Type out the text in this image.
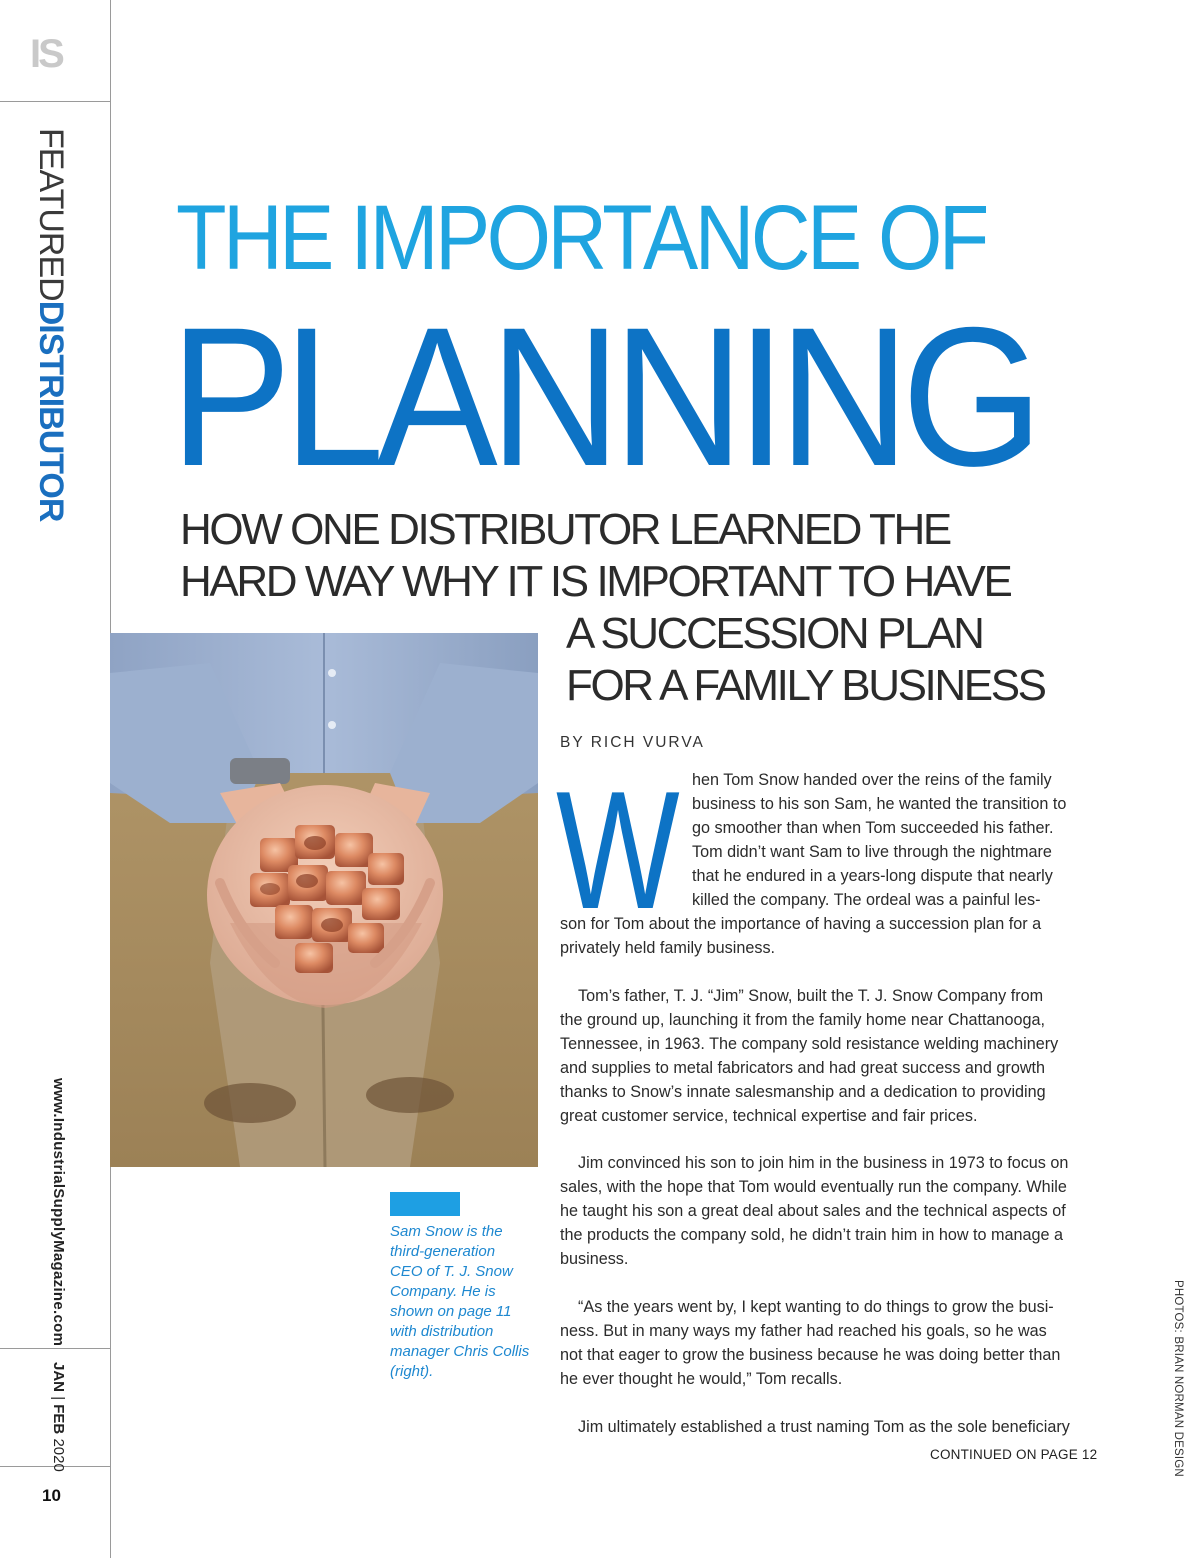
IS
FEATUREDDISTRIBUTOR
www.IndustrialSupplyMagazine.com
JAN | FEB 2020
10
THE IMPORTANCE OF
PLANNING
HOW ONE DISTRIBUTOR LEARNED THE
HARD WAY WHY IT IS IMPORTANT TO HAVE
A SUCCESSION PLAN
FOR A FAMILY BUSINESS
Sam Snow is the third-generation CEO of T. J. Snow Company. He is shown on page 11 with distribution manager Chris Collis (right).
BY RICH VURVA
W hen Tom Snow handed over the reins of the family
business to his son Sam, he wanted the transition to
go smoother than when Tom succeeded his father.
Tom didn’t want Sam to live through the nightmare
that he endured in a years-long dispute that nearly
killed the company. The ordeal was a painful les-
son for Tom about the importance of having a succession plan for a
privately held family business.
Tom’s father, T. J. “Jim” Snow, built the T. J. Snow Company from
the ground up, launching it from the family home near Chattanooga,
Tennessee, in 1963. The company sold resistance welding machinery
and supplies to metal fabricators and had great success and growth
thanks to Snow’s innate salesmanship and a dedication to providing
great customer service, technical expertise and fair prices.
Jim convinced his son to join him in the business in 1973 to focus on
sales, with the hope that Tom would eventually run the company. While
he taught his son a great deal about sales and the technical aspects of
the products the company sold, he didn’t train him in how to manage a
business.
“As the years went by, I kept wanting to do things to grow the busi-
ness. But in many ways my father had reached his goals, so he was
not that eager to grow the business because he was doing better than
he ever thought he would,” Tom recalls.
Jim ultimately established a trust naming Tom as the sole beneficiary
CONTINUED ON PAGE 12	PHOTOS: BRIAN NORMAN DESIGN
